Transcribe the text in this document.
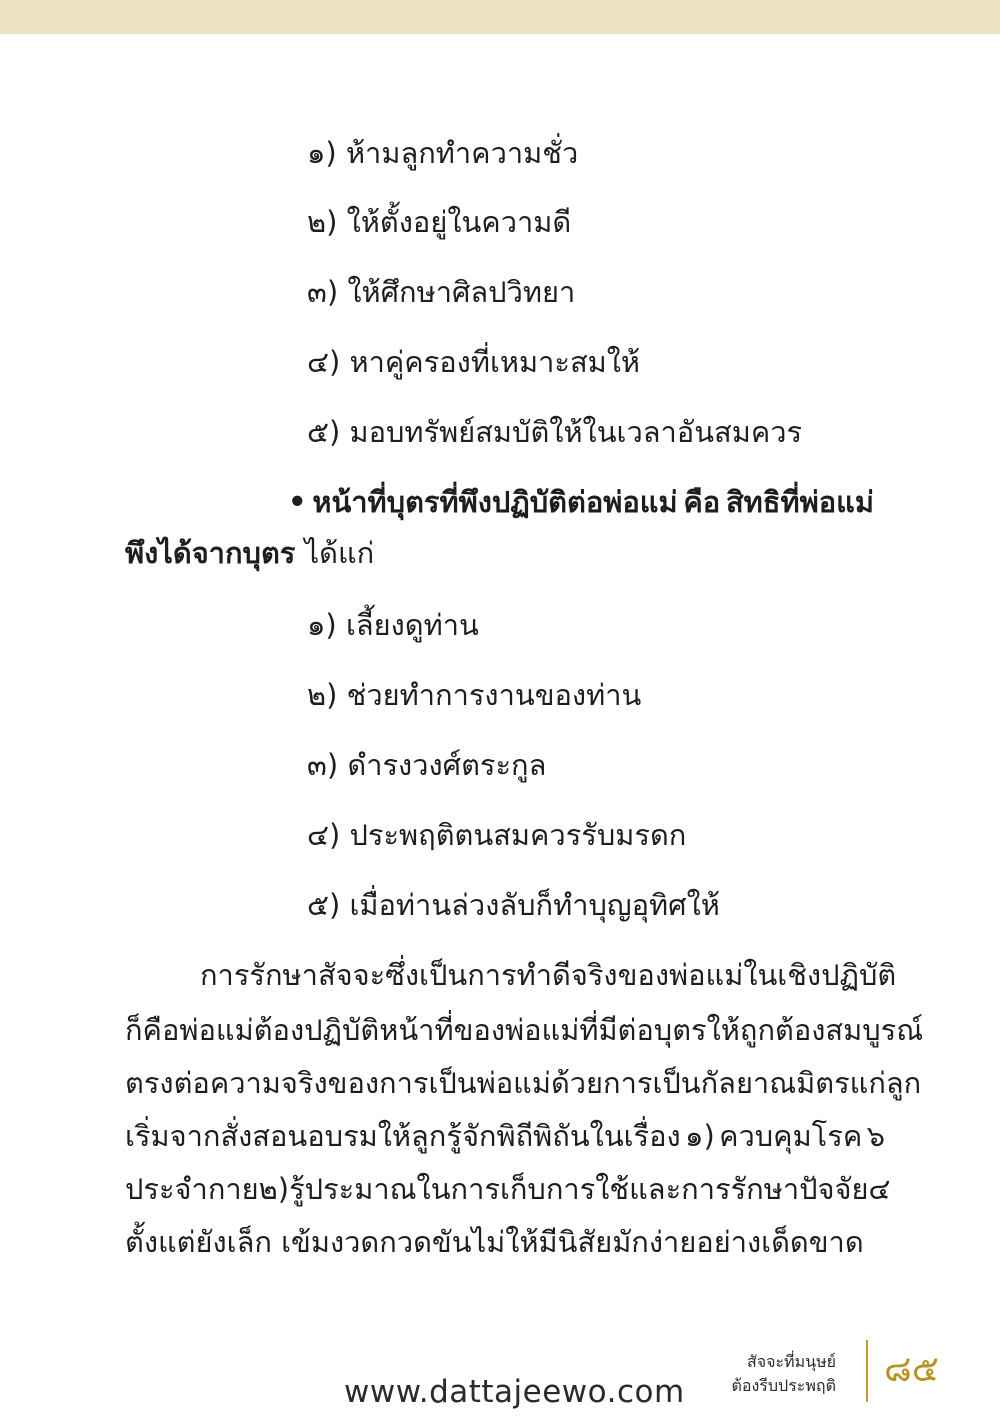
๑) ห้ามลูกทำความชั่ว
๒) ให้ตั้งอยู่ในความดี
๓) ให้ศึกษาศิลปวิทยา
๔) หาคู่ครองที่เหมาะสมให้
๕) มอบทรัพย์สมบัติให้ในเวลาอันสมควร
• หน้าที่บุตรที่พึงปฏิบัติต่อพ่อแม่ คือ สิทธิที่พ่อแม่
พึงได้จากบุตร ได้แก่
๑) เลี้ยงดูท่าน
๒) ช่วยทำการงานของท่าน
๓) ดำรงวงศ์ตระกูล
๔) ประพฤติตนสมควรรับมรดก
๕) เมื่อท่านล่วงลับก็ทำบุญอุทิศให้
การรักษาสัจจะซึ่งเป็นการทำดีจริงของพ่อแม่ในเชิงปฏิบัติ
ก็คือ พ่อแม่ต้องปฏิบัติหน้าที่ของพ่อแม่ที่มีต่อบุตรให้ถูกต้องสมบูรณ์
ตรงต่อความจริงของการเป็นพ่อแม่ ด้วยการเป็นกัลยาณมิตรแก่ลูก
เริ่มจากสั่งสอนอบรมให้ลูกรู้จักพิถีพิถันในเรื่อง ๑) ควบคุมโรค ๖
ประจำกาย ๒) รู้ประมาณในการเก็บ การใช้ และการรักษาปัจจัย ๔
ตั้งแต่ยังเล็ก เข้มงวดกวดขันไม่ให้มีนิสัยมักง่ายอย่างเด็ดขาด
www.dattajeewo.com
สัจจะที่มนุษย์
ต้องรีบประพฤติ ๘๕
